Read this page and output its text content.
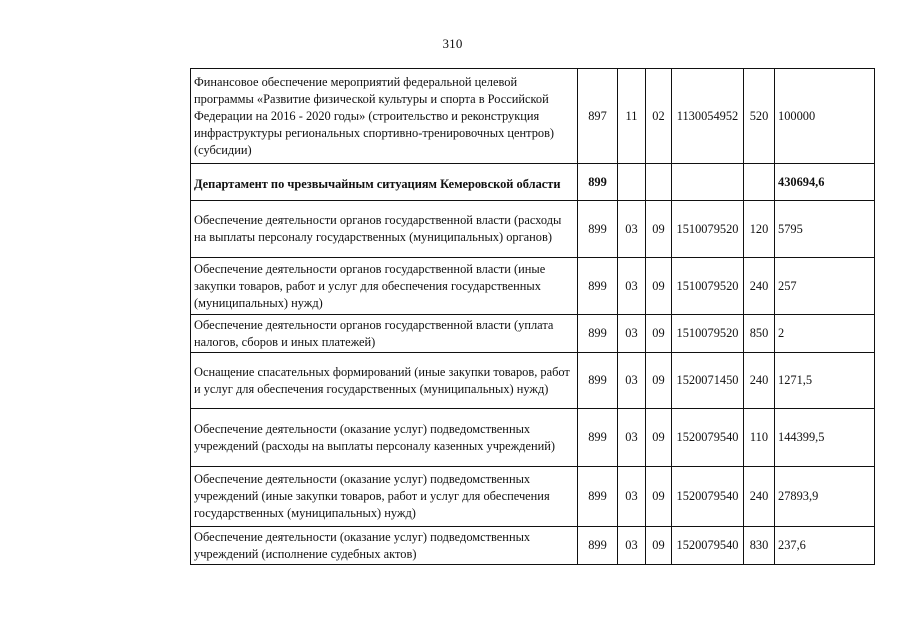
310
Финансовое обеспечение мероприятий федеральной целевой программы «Развитие физической культуры и спорта в Российской Федерации на 2016 - 2020 годы» (строительство и реконструкция инфраструктуры региональных спортивно-тренировочных центров) (субсидии)	897	11	02	1130054952	520	100000
Департамент по чрезвычайным ситуациям Кемеровской области	899					430694,6
Обеспечение деятельности органов государственной власти (расходы на выплаты персоналу государственных (муниципальных) органов)	899	03	09	1510079520	120	5795
Обеспечение деятельности органов государственной власти (иные закупки товаров, работ и услуг для обеспечения государственных (муниципальных) нужд)	899	03	09	1510079520	240	257
Обеспечение деятельности органов государственной власти (уплата налогов, сборов и иных платежей)	899	03	09	1510079520	850	2
Оснащение спасательных формирований (иные закупки товаров, работ и услуг для обеспечения государственных (муниципальных) нужд)	899	03	09	1520071450	240	1271,5
Обеспечение деятельности (оказание услуг) подведомственных учреждений (расходы на выплаты персоналу казенных учреждений)	899	03	09	1520079540	110	144399,5
Обеспечение деятельности (оказание услуг) подведомственных учреждений (иные закупки товаров, работ и услуг для обеспечения государственных (муниципальных) нужд)	899	03	09	1520079540	240	27893,9
Обеспечение деятельности (оказание услуг) подведомственных учреждений (исполнение судебных актов)	899	03	09	1520079540	830	237,6
